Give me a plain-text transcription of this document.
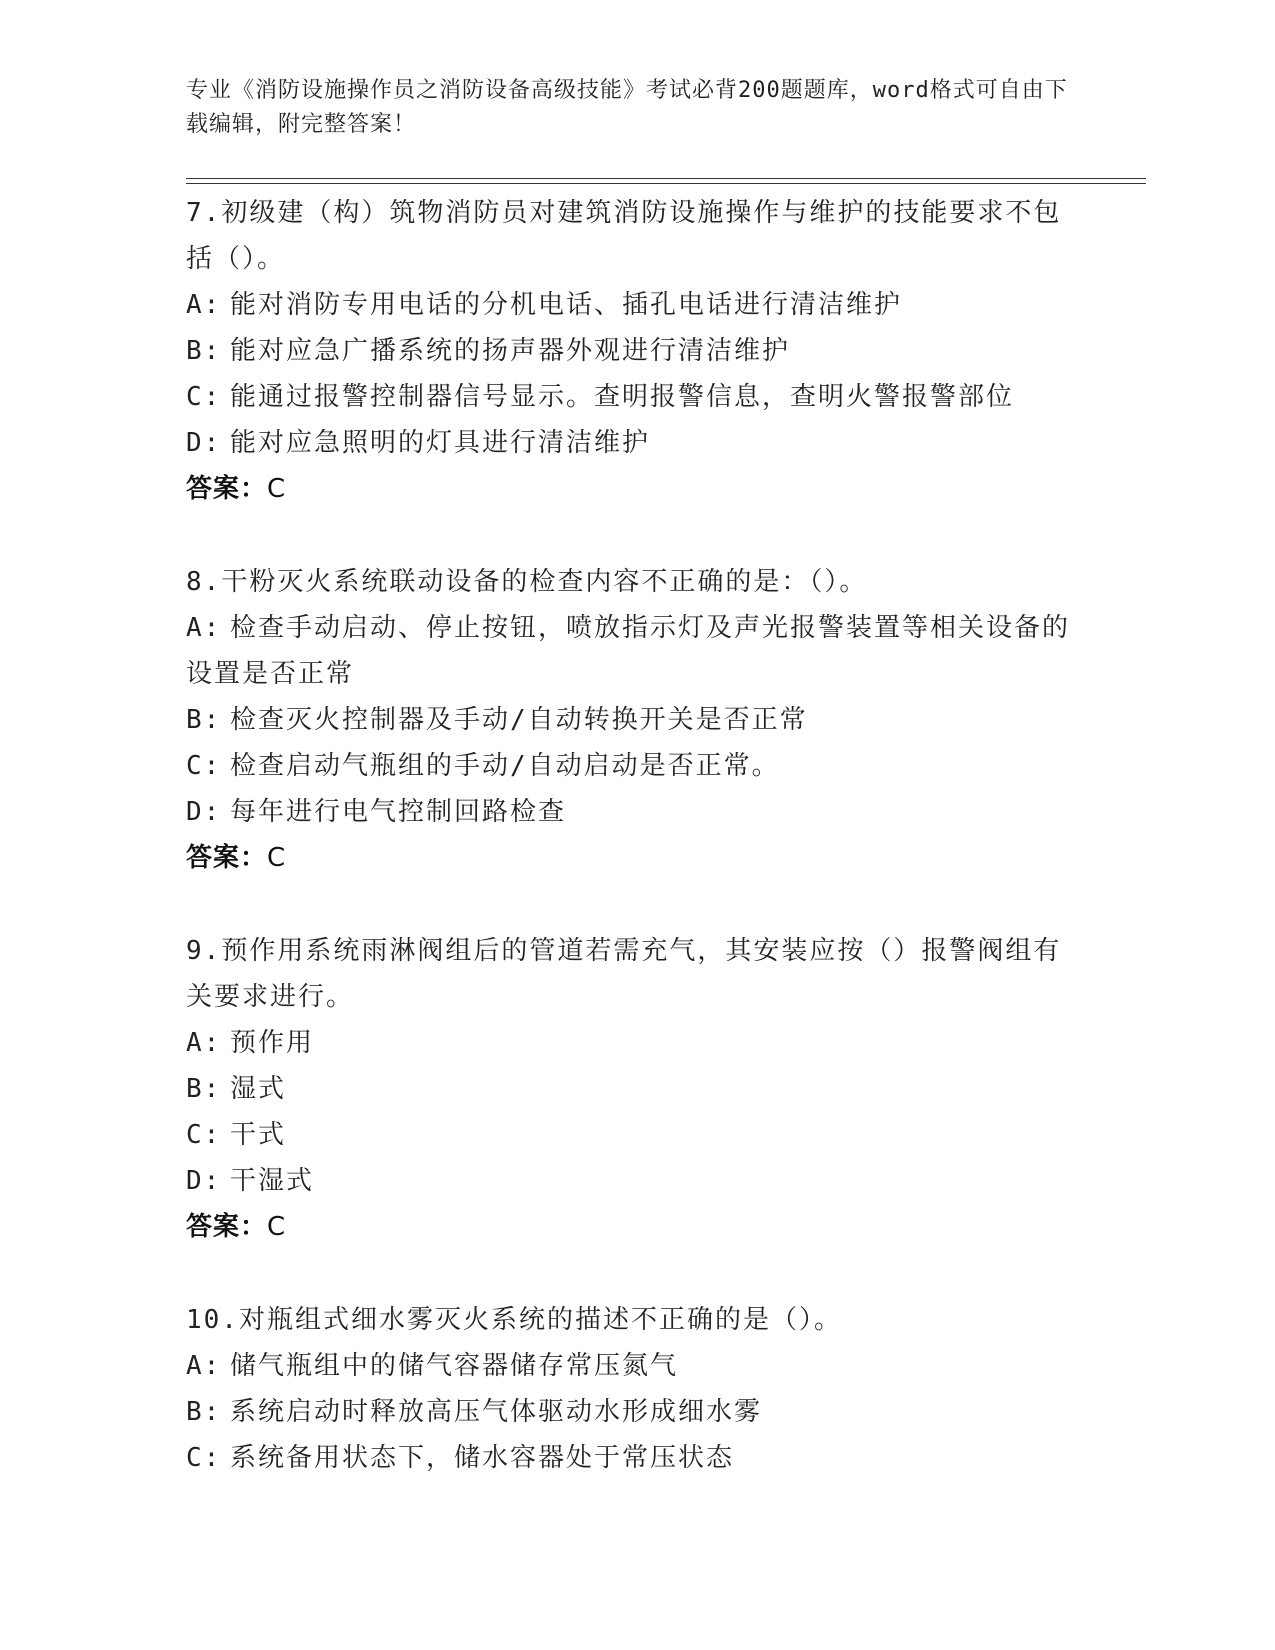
专业《消防设施操作员之消防设备高级技能》考试必背200题题库，word格式可自由下载编辑，附完整答案！

7.初级建（构）筑物消防员对建筑消防设施操作与维护的技能要求不包括（）。

A: 能对消防专用电话的分机电话、插孔电话进行清洁维护

B: 能对应急广播系统的扬声器外观进行清洁维护

C: 能通过报警控制器信号显示。查明报警信息，查明火警报警部位

D: 能对应急照明的灯具进行清洁维护

答案：C

8.干粉灭火系统联动设备的检查内容不正确的是：（）。

A: 检查手动启动、停止按钮，喷放指示灯及声光报警装置等相关设备的设置是否正常

B: 检查灭火控制器及手动/自动转换开关是否正常

C: 检查启动气瓶组的手动/自动启动是否正常。

D: 每年进行电气控制回路检查

答案：C

9.预作用系统雨淋阀组后的管道若需充气，其安装应按（）报警阀组有关要求进行。

A: 预作用

B: 湿式

C: 干式

D: 干湿式

答案：C

10.对瓶组式细水雾灭火系统的描述不正确的是（）。

A: 储气瓶组中的储气容器储存常压氮气

B: 系统启动时释放高压气体驱动水形成细水雾

C: 系统备用状态下，储水容器处于常压状态
